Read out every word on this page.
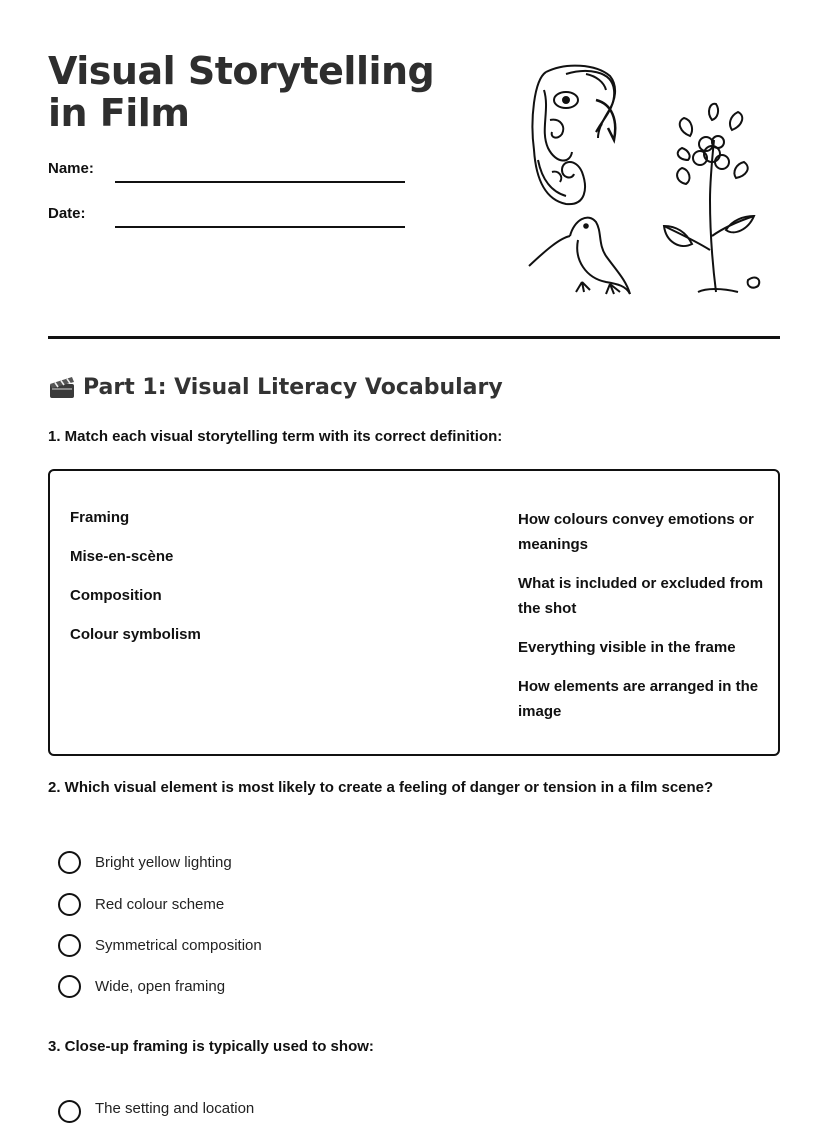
Visual Storytelling in Film
Name:
Date:
Part 1: Visual Literacy Vocabulary

1. Match each visual storytelling term with its correct definition:

Framing
Mise-en-scène
Composition
Colour symbolism
How colours convey emotions or meanings
What is included or excluded from the shot
Everything visible in the frame
How elements are arranged in the image

2. Which visual element is most likely to create a feeling of danger or tension in a film scene?

Bright yellow lighting
Red colour scheme
Symmetrical composition
Wide, open framing

3. Close-up framing is typically used to show:

The setting and location
